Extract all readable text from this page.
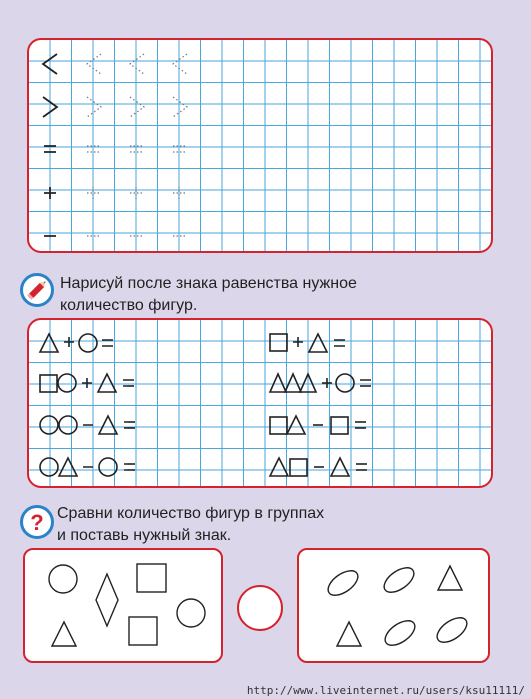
Нарисуй после знака равенства нужное
количество фигур.
? Сравни количество фигур в группах
и поставь нужный знак.
http://www.liveinternet.ru/users/ksu11111/
